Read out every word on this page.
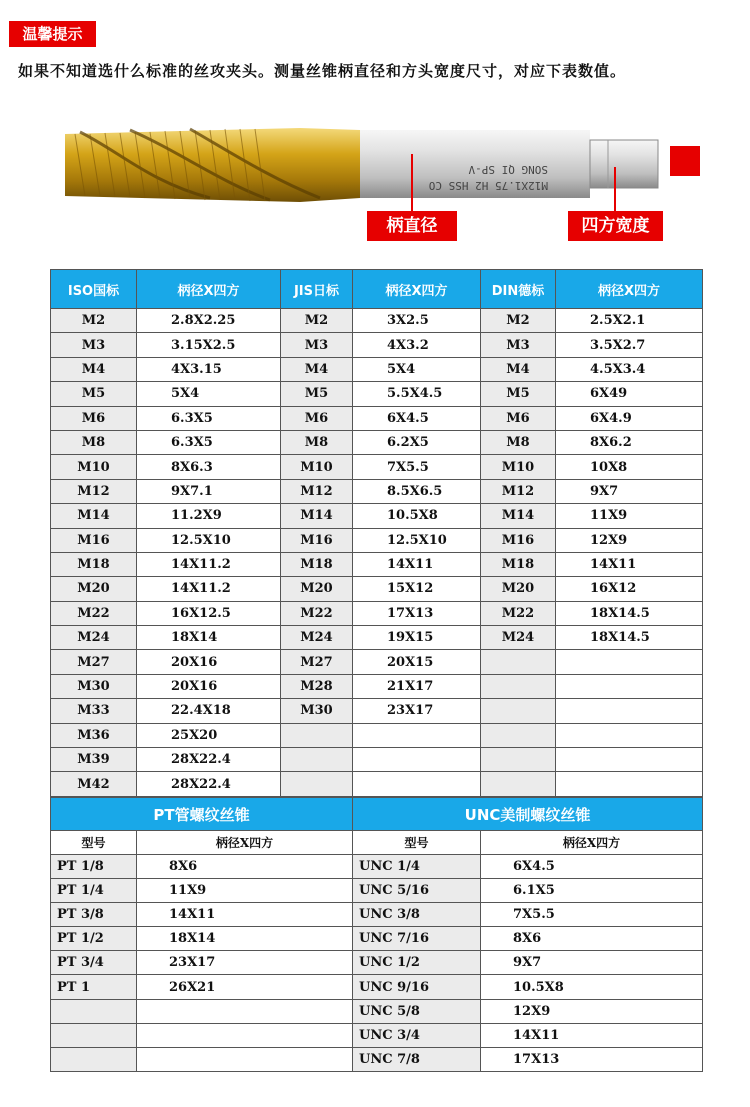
温馨提示
如果不知道选什么标准的丝攻夹头。测量丝锥柄直径和方头宽度尺寸，对应下表数值。
SONG QI SP-V
M12X1.75 H2 HSS CO
柄直径	四方宽度
ISO国标	柄径X四方	JIS日标	柄径X四方	DIN德标	柄径X四方
M2	2.8X2.25	M2	3X2.5	M2	2.5X2.1
M3	3.15X2.5	M3	4X3.2	M3	3.5X2.7
M4	4X3.15	M4	5X4	M4	4.5X3.4
M5	5X4	M5	5.5X4.5	M5	6X49
M6	6.3X5	M6	6X4.5	M6	6X4.9
M8	6.3X5	M8	6.2X5	M8	8X6.2
M10	8X6.3	M10	7X5.5	M10	10X8
M12	9X7.1	M12	8.5X6.5	M12	9X7
M14	11.2X9	M14	10.5X8	M14	11X9
M16	12.5X10	M16	12.5X10	M16	12X9
M18	14X11.2	M18	14X11	M18	14X11
M20	14X11.2	M20	15X12	M20	16X12
M22	16X12.5	M22	17X13	M22	18X14.5
M24	18X14	M24	19X15	M24	18X14.5
M27	20X16	M27	20X15		
M30	20X16	M28	21X17		
M33	22.4X18	M30	23X17		
M36	25X20				
M39	28X22.4				
M42	28X22.4				
PT管螺纹丝锥		UNC美制螺纹丝锥	
型号	柄径X四方	型号	柄径X四方
PT 1/8	8X6	UNC 1/4	6X4.5
PT 1/4	11X9	UNC 5/16	6.1X5
PT 3/8	14X11	UNC 3/8	7X5.5
PT 1/2	18X14	UNC 7/16	8X6
PT 3/4	23X17	UNC 1/2	9X7
PT 1	26X21	UNC 9/16	10.5X8
		UNC 5/8	12X9
		UNC 3/4	14X11
		UNC 7/8	17X13
